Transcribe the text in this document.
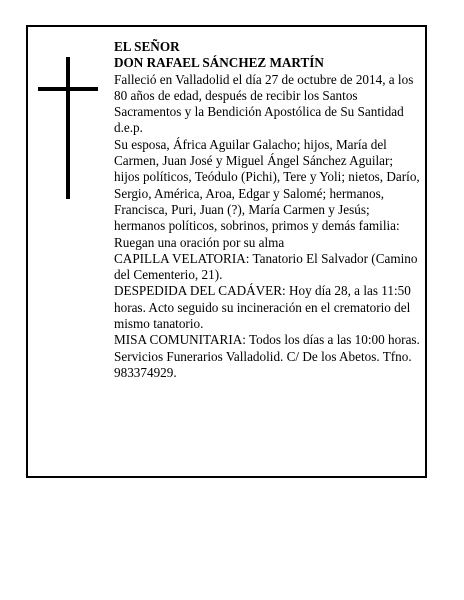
EL SEÑOR

DON RAFAEL SÁNCHEZ MARTÍN

Falleció en Valladolid el día 27 de octubre de 2014, a los 80 años de edad, después de recibir los Santos Sacramentos y la Bendición Apostólica de Su Santidad d.e.p.

Su esposa, África Aguilar Galacho; hijos, María del Carmen, Juan José y Miguel Ángel Sánchez Aguilar; hijos políticos, Teódulo (Pichi), Tere y Yoli; nietos, Darío, Sergio, América, Aroa, Edgar y Salomé; hermanos, Francisca, Puri, Juan (?), María Carmen y Jesús; hermanos políticos, sobrinos, primos y demás familia:

Ruegan una oración por su alma

CAPILLA VELATORIA: Tanatorio El Salvador (Camino del Cementerio, 21).

DESPEDIDA DEL CADÁVER: Hoy día 28, a las 11:50 horas. Acto seguido su incineración en el crematorio del mismo tanatorio.

MISA COMUNITARIA: Todos los días a las 10:00 horas.

Servicios Funerarios Valladolid. C/ De los Abetos. Tfno. 983374929.
